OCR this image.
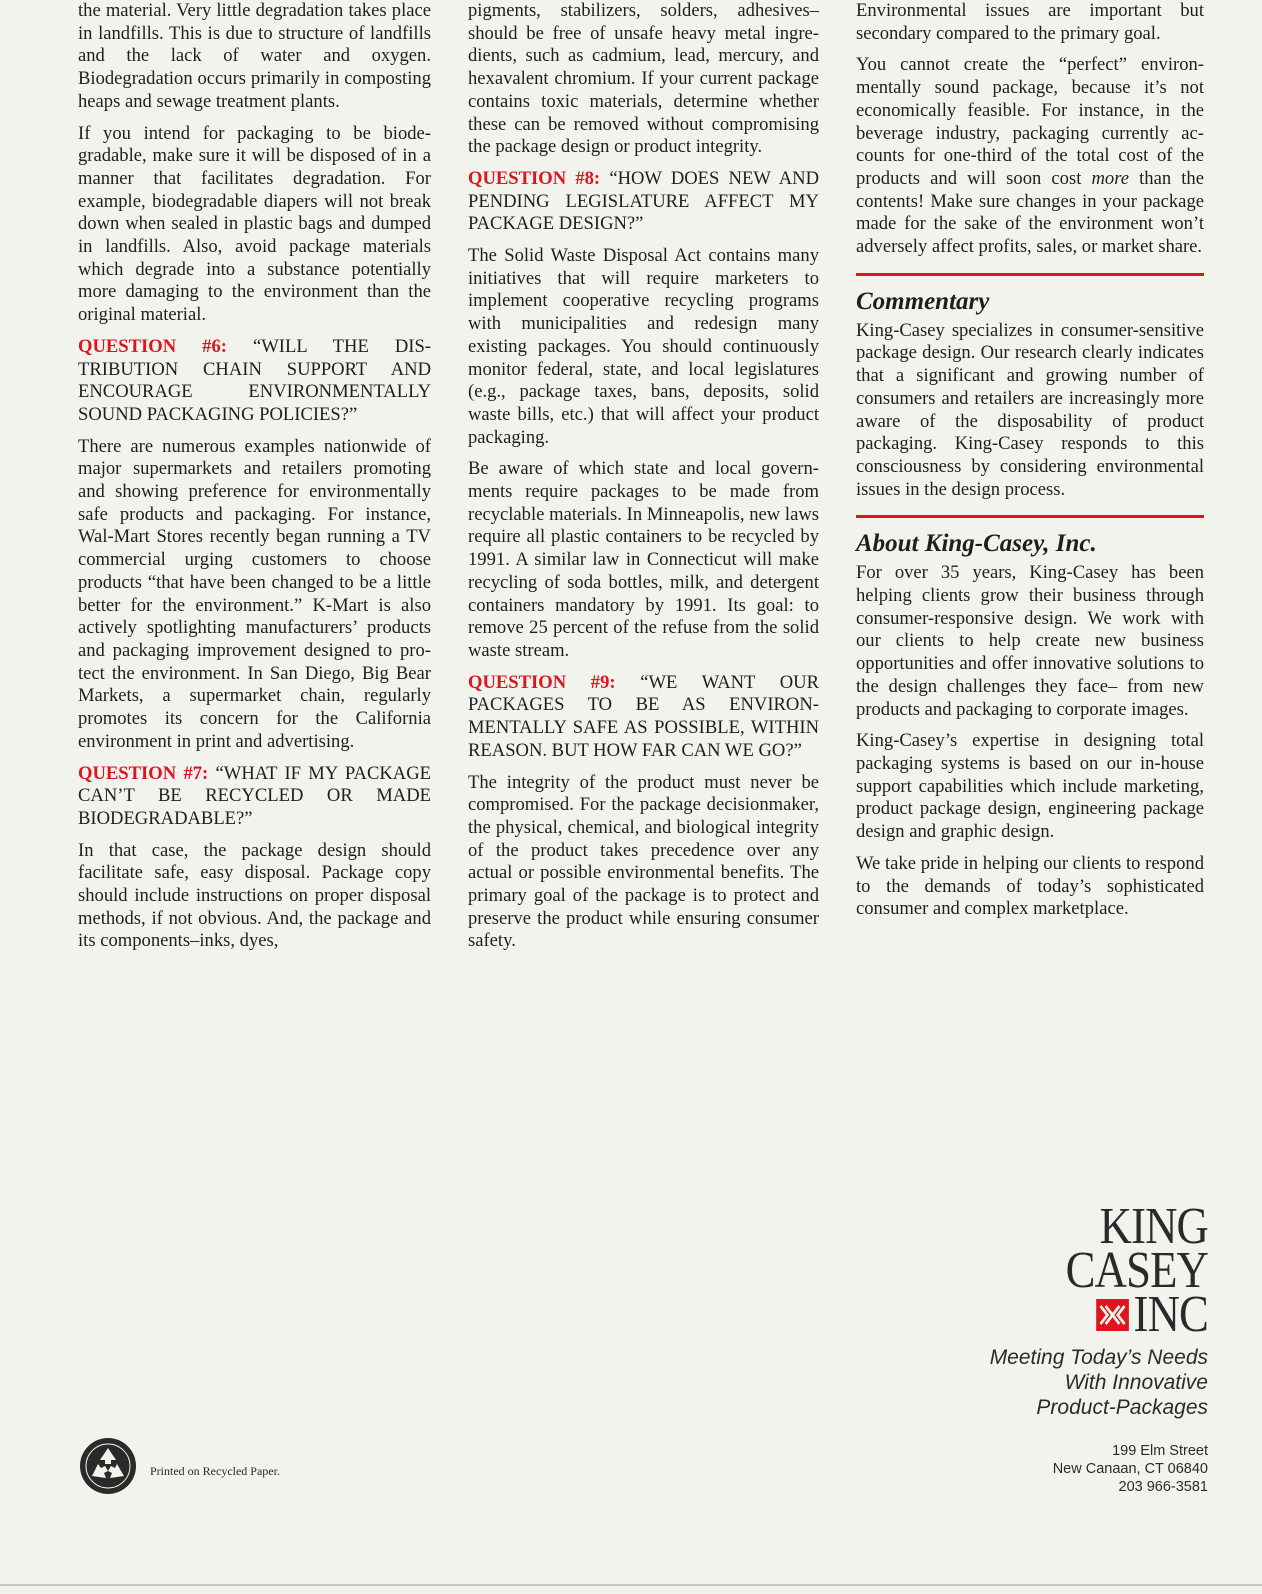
the material. Very little degradation takes place in landfills. This is due to structure of landfills and the lack of water and oxygen. Biodegradation occurs primarily in composting heaps and sewage treatment plants.

If you intend for packaging to be biodegradable, make sure it will be disposed of in a manner that facilitates degradation. For example, biodegradable diapers will not break down when sealed in plastic bags and dumped in landfills. Also, avoid package materials which degrade into a substance potentially more damaging to the environment than the original material.

QUESTION #6: “WILL THE DISTRIBUTION CHAIN SUPPORT AND ENCOURAGE ENVIRONMENTALLY SOUND PACKAGING POLICIES?”

There are numerous examples nationwide of major supermarkets and retailers promoting and showing preference for environmentally safe products and packaging. For instance, Wal-Mart Stores recently began running a TV commercial urging customers to choose products “that have been changed to be a little better for the environment.” K-Mart is also actively spotlighting manufacturers’ products and packaging improvement designed to protect the environment. In San Diego, Big Bear Markets, a supermarket chain, regularly promotes its concern for the California environment in print and advertising.

QUESTION #7: “WHAT IF MY PACKAGE CAN’T BE RECYCLED OR MADE BIODEGRADABLE?”

In that case, the package design should facilitate safe, easy disposal. Package copy should include instructions on proper disposal methods, if not obvious. And, the package and its components–inks, dyes,

pigments, stabilizers, solders, adhesives– should be free of unsafe heavy metal ingredients, such as cadmium, lead, mercury, and hexavalent chromium. If your current package contains toxic materials, determine whether these can be removed without compromising the package design or product integrity.

QUESTION #8: “HOW DOES NEW AND PENDING LEGISLATURE AFFECT MY PACKAGE DESIGN?”

The Solid Waste Disposal Act contains many initiatives that will require marketers to implement cooperative recycling programs with municipalities and redesign many existing packages. You should continuously monitor federal, state, and local legislatures (e.g., package taxes, bans, deposits, solid waste bills, etc.) that will affect your product packaging.

Be aware of which state and local governments require packages to be made from recyclable materials. In Minneapolis, new laws require all plastic containers to be recycled by 1991. A similar law in Connecticut will make recycling of soda bottles, milk, and detergent containers mandatory by 1991. Its goal: to remove 25 percent of the refuse from the solid waste stream.

QUESTION #9: “WE WANT OUR PACKAGES TO BE AS ENVIRONMENTALLY SAFE AS POSSIBLE, WITHIN REASON. BUT HOW FAR CAN WE GO?”

The integrity of the product must never be compromised. For the package decisionmaker, the physical, chemical, and biological integrity of the product takes precedence over any actual or possible environmental benefits. The primary goal of the package is to protect and preserve the product while ensuring consumer safety.

Environmental issues are important but secondary compared to the primary goal.

You cannot create the “perfect” environmentally sound package, because it’s not economically feasible. For instance, in the beverage industry, packaging currently accounts for one-third of the total cost of the products and will soon cost more than the contents! Make sure changes in your package made for the sake of the environment won’t adversely affect profits, sales, or market share.

Commentary

King-Casey specializes in consumer-sensitive package design. Our research clearly indicates that a significant and growing number of consumers and retailers are increasingly more aware of the disposability of product packaging. King-Casey responds to this consciousness by considering environmental issues in the design process.

About King-Casey, Inc.

For over 35 years, King-Casey has been helping clients grow their business through consumer-responsive design. We work with our clients to help create new business opportunities and offer innovative solutions to the design challenges they face– from new products and packaging to corporate images.

King-Casey’s expertise in designing total packaging systems is based on our in-house support capabilities which include marketing, product package design, engineering package design and graphic design.

We take pride in helping our clients to respond to the demands of today’s sophisticated consumer and complex marketplace.

KING
CASEY
INC
Meeting Today’s Needs
With Innovative
Product-Packages
199 Elm Street
New Canaan, CT 06840
203 966-3581
Printed on Recycled Paper.
